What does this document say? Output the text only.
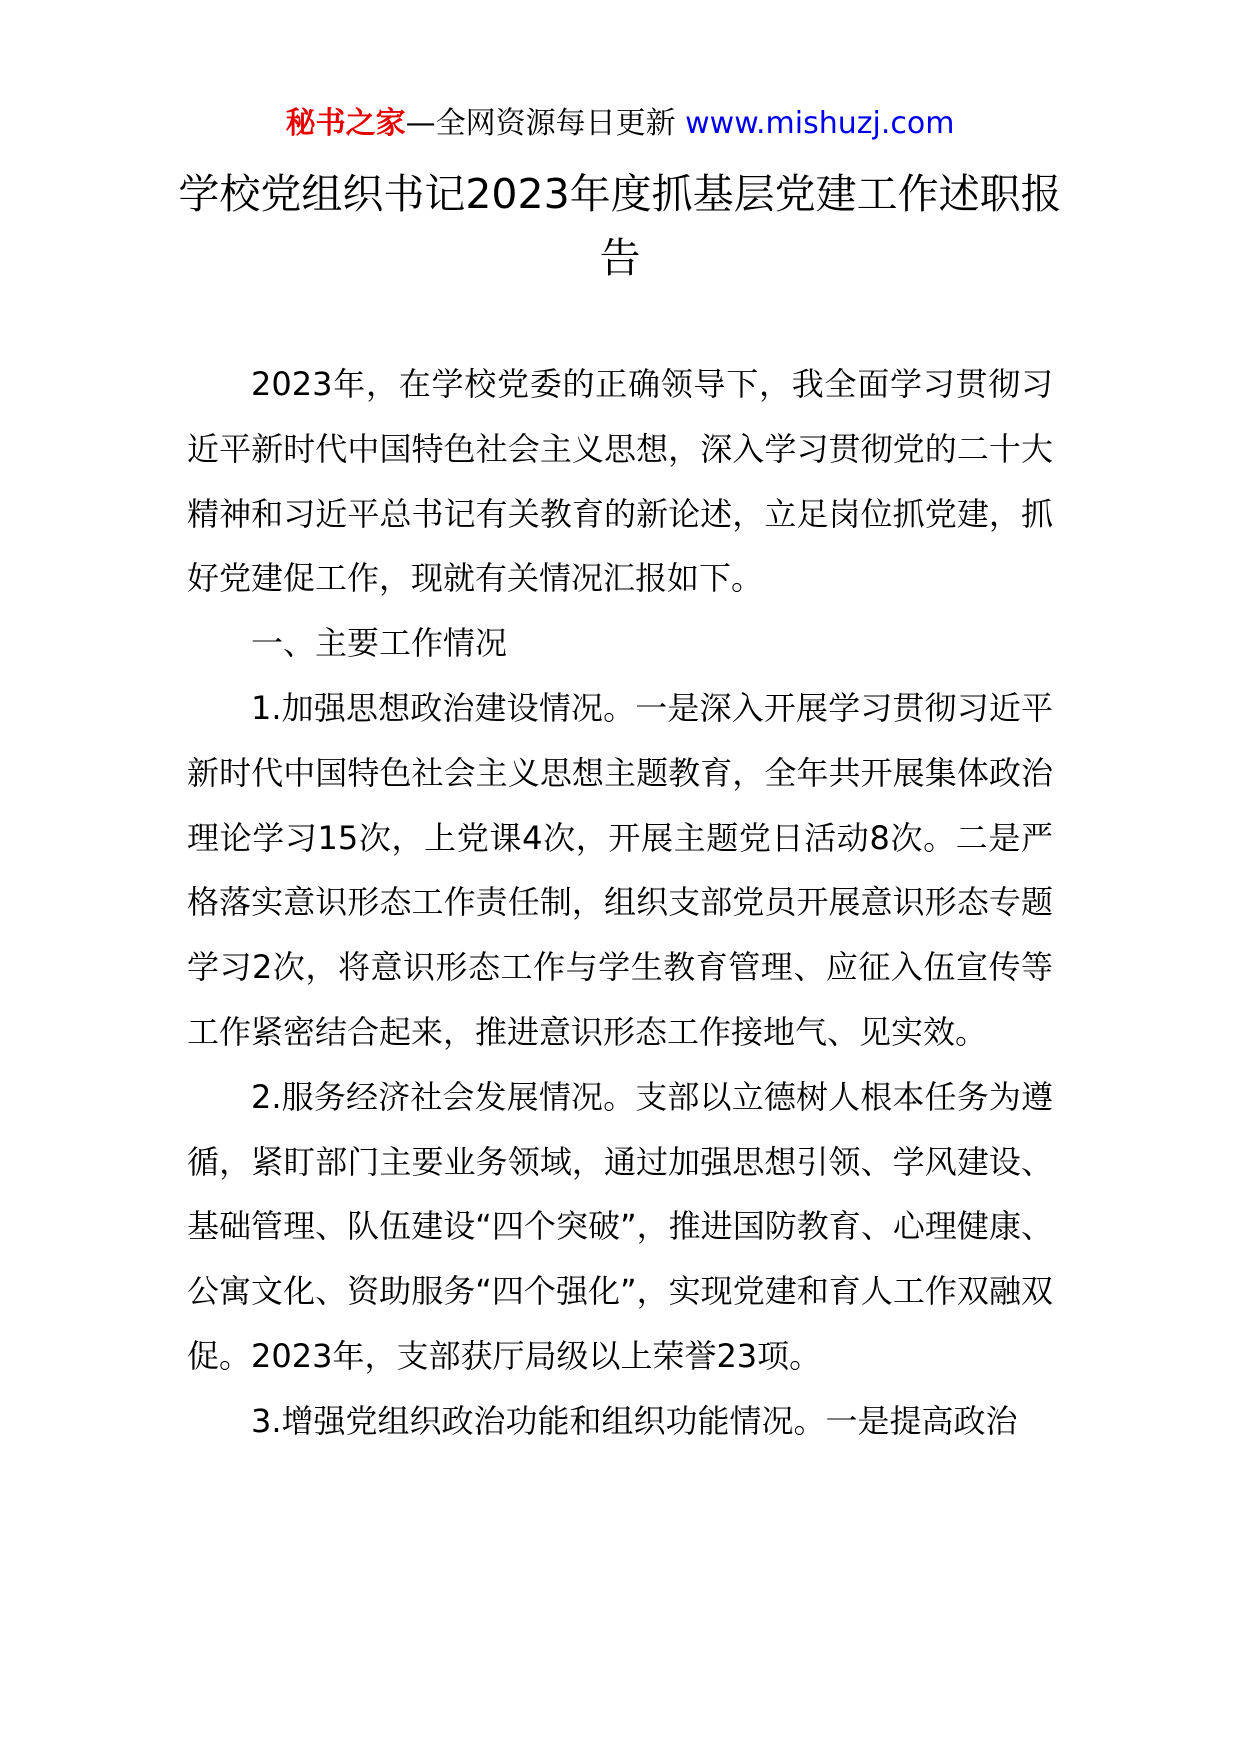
秘书之家—全网资源每日更新 www.mishuzj.com
学校党组织书记2023年度抓基层党建工作述职报告

2023年，在学校党委的正确领导下，我全面学习贯彻习近平新时代中国特色社会主义思想，深入学习贯彻党的二十大精神和习近平总书记有关教育的新论述，立足岗位抓党建，抓好党建促工作，现就有关情况汇报如下。

一、主要工作情况

1.加强思想政治建设情况。一是深入开展学习贯彻习近平新时代中国特色社会主义思想主题教育，全年共开展集体政治理论学习15次，上党课4次，开展主题党日活动8次。二是严格落实意识形态工作责任制，组织支部党员开展意识形态专题学习2次，将意识形态工作与学生教育管理、应征入伍宣传等工作紧密结合起来，推进意识形态工作接地气、见实效。

2.服务经济社会发展情况。支部以立德树人根本任务为遵循，紧盯部门主要业务领域，通过加强思想引领、学风建设、基础管理、队伍建设“四个突破”，推进国防教育、心理健康、公寓文化、资助服务“四个强化”，实现党建和育人工作双融双促。2023年，支部获厅局级以上荣誉23项。

3.增强党组织政治功能和组织功能情况。一是提高政治
